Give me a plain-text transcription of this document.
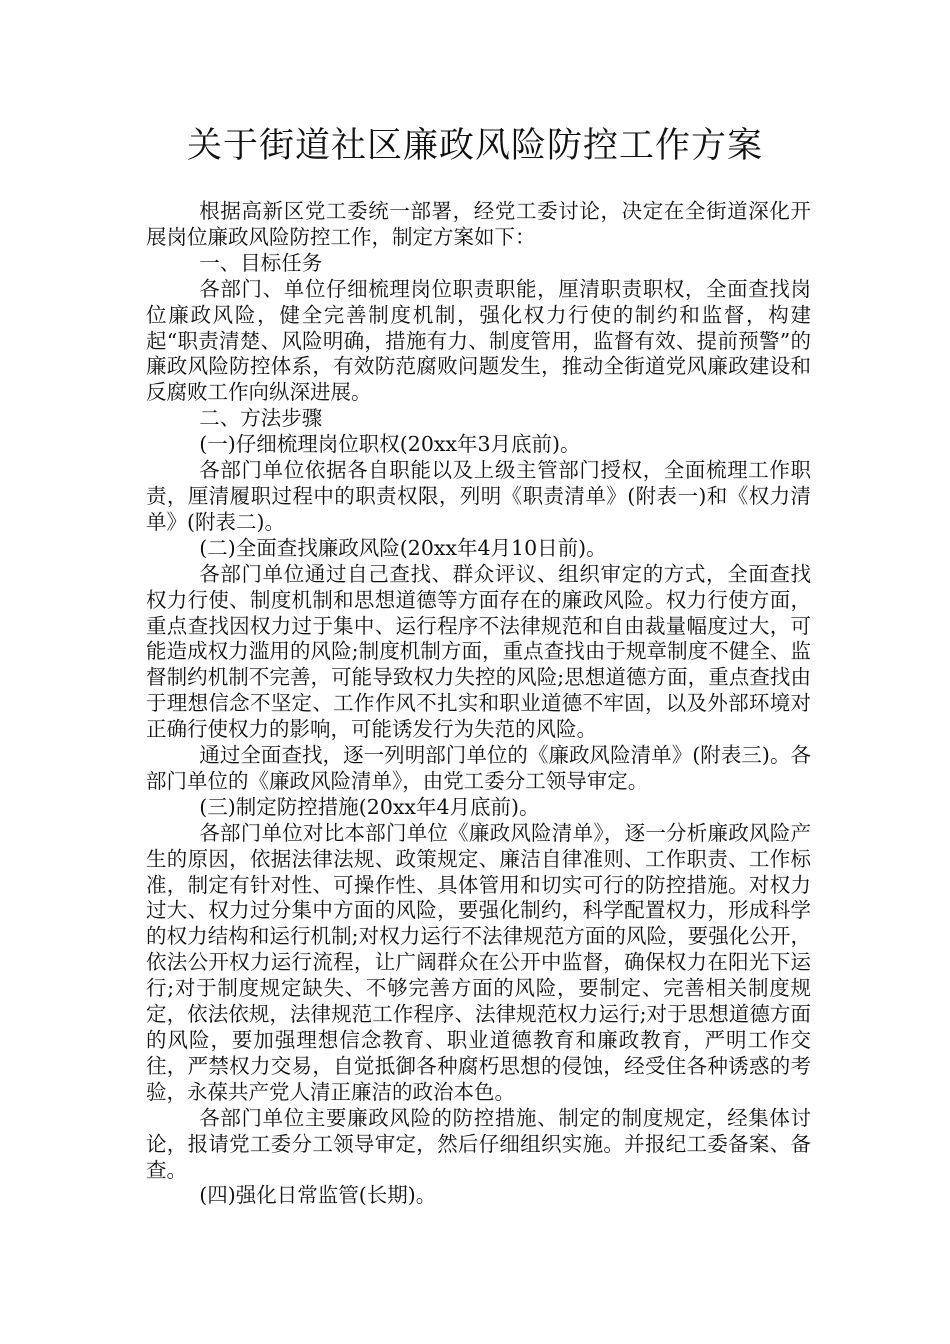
关于街道社区廉政风险防控工作方案

根据高新区党工委统一部署，经党工委讨论，决定在全街道深化开展岗位廉政风险防控工作，制定方案如下：

一、目标任务

各部门、单位仔细梳理岗位职责职能，厘清职责职权，全面查找岗位廉政风险，健全完善制度机制，强化权力行使的制约和监督，构建起“职责清楚、风险明确，措施有力、制度管用，监督有效、提前预警”的廉政风险防控体系，有效防范腐败问题发生，推动全街道党风廉政建设和反腐败工作向纵深进展。

二、方法步骤

(一)仔细梳理岗位职权(20xx年3月底前)。

各部门单位依据各自职能以及上级主管部门授权，全面梳理工作职责，厘清履职过程中的职责权限，列明《职责清单》(附表一)和《权力清单》(附表二)。

(二)全面查找廉政风险(20xx年4月10日前)。

各部门单位通过自己查找、群众评议、组织审定的方式，全面查找权力行使、制度机制和思想道德等方面存在的廉政风险。权力行使方面，重点查找因权力过于集中、运行程序不法律规范和自由裁量幅度过大，可能造成权力滥用的风险;制度机制方面，重点查找由于规章制度不健全、监督制约机制不完善，可能导致权力失控的风险;思想道德方面，重点查找由于理想信念不坚定、工作作风不扎实和职业道德不牢固，以及外部环境对正确行使权力的影响，可能诱发行为失范的风险。

通过全面查找，逐一列明部门单位的《廉政风险清单》(附表三)。各部门单位的《廉政风险清单》，由党工委分工领导审定。

(三)制定防控措施(20xx年4月底前)。

各部门单位对比本部门单位《廉政风险清单》，逐一分析廉政风险产生的原因，依据法律法规、政策规定、廉洁自律准则、工作职责、工作标准，制定有针对性、可操作性、具体管用和切实可行的防控措施。对权力过大、权力过分集中方面的风险，要强化制约，科学配置权力，形成科学的权力结构和运行机制;对权力运行不法律规范方面的风险，要强化公开，依法公开权力运行流程，让广阔群众在公开中监督，确保权力在阳光下运行;对于制度规定缺失、不够完善方面的风险，要制定、完善相关制度规定，依法依规，法律规范工作程序、法律规范权力运行;对于思想道德方面的风险，要加强理想信念教育、职业道德教育和廉政教育，严明工作交往，严禁权力交易，自觉抵御各种腐朽思想的侵蚀，经受住各种诱惑的考验，永葆共产党人清正廉洁的政治本色。

各部门单位主要廉政风险的防控措施、制定的制度规定，经集体讨论，报请党工委分工领导审定，然后仔细组织实施。并报纪工委备案、备查。

(四)强化日常监管(长期)。
